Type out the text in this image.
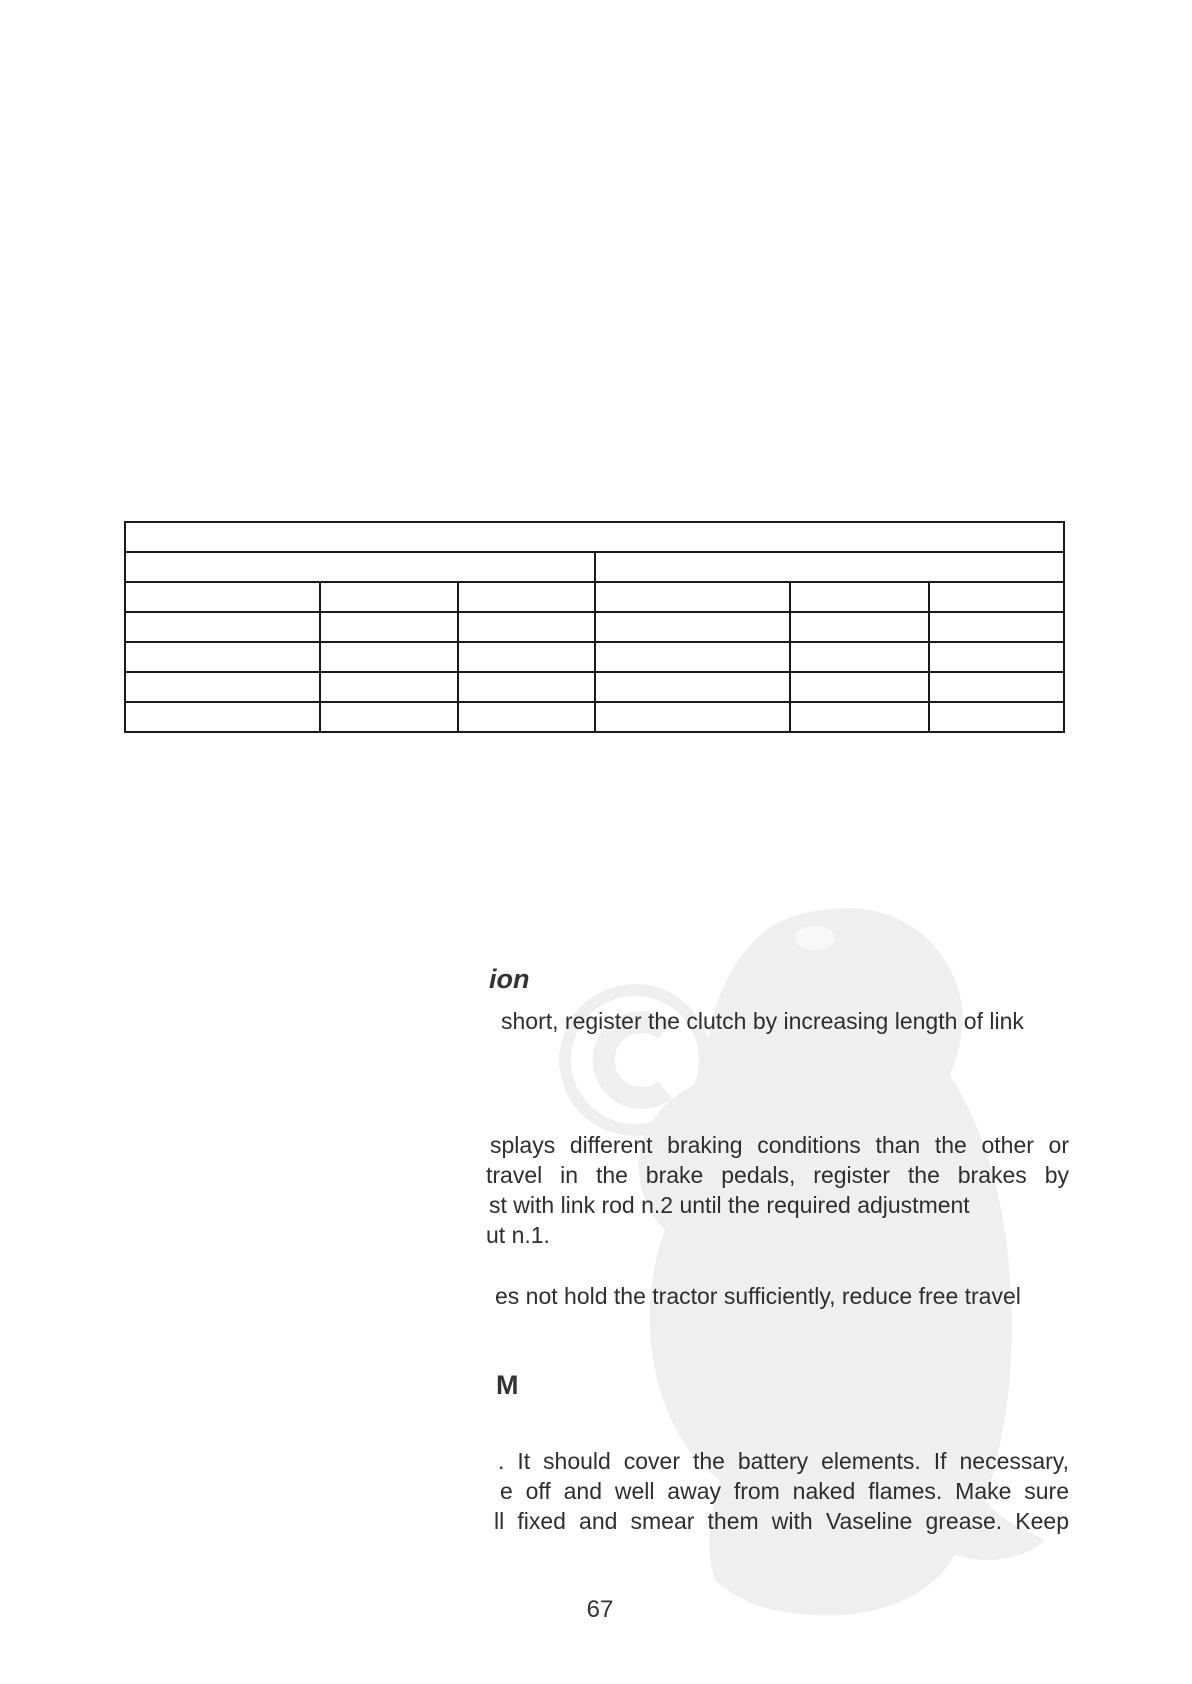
ion
short, register the clutch by increasing length of link
splays different braking conditions than the other or
travel in the brake pedals, register the brakes by
st with link rod n.2 until the required adjustment
ut n.1.
es not hold the tractor sufficiently, reduce free travel
M
. It should cover the battery elements. If necessary,
e off and well away from naked flames. Make sure
ll fixed and smear them with Vaseline grease. Keep
67
